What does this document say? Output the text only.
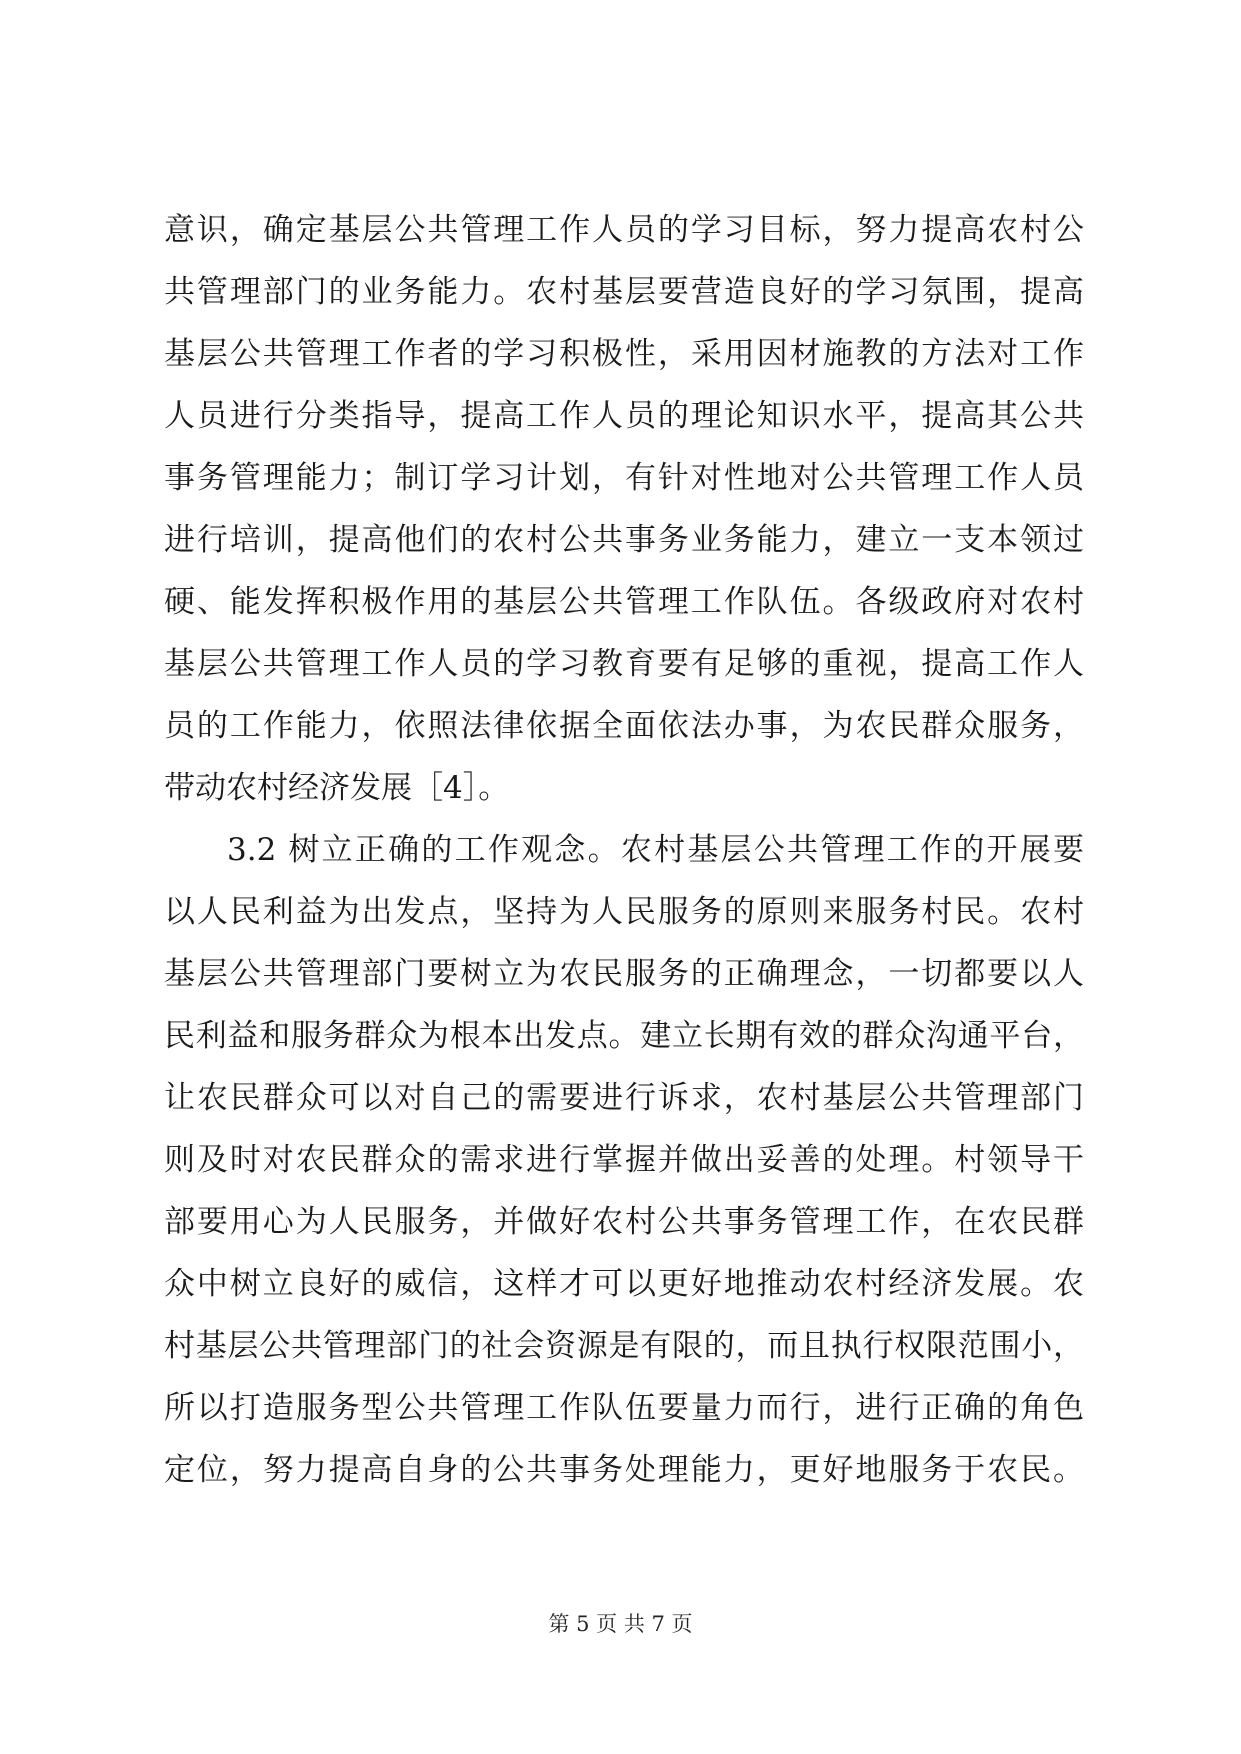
意识，确定基层公共管理工作人员的学习目标，努力提高农村公
共管理部门的业务能力。农村基层要营造良好的学习氛围，提高
基层公共管理工作者的学习积极性，采用因材施教的方法对工作
人员进行分类指导，提高工作人员的理论知识水平，提高其公共
事务管理能力；制订学习计划，有针对性地对公共管理工作人员
进行培训，提高他们的农村公共事务业务能力，建立一支本领过
硬、能发挥积极作用的基层公共管理工作队伍。各级政府对农村
基层公共管理工作人员的学习教育要有足够的重视，提高工作人
员的工作能力，依照法律依据全面依法办事，为农民群众服务，
带动农村经济发展［4］。
3.2 树立正确的工作观念。农村基层公共管理工作的开展要
以人民利益为出发点，坚持为人民服务的原则来服务村民。农村
基层公共管理部门要树立为农民服务的正确理念，一切都要以人
民利益和服务群众为根本出发点。建立长期有效的群众沟通平台，
让农民群众可以对自己的需要进行诉求，农村基层公共管理部门
则及时对农民群众的需求进行掌握并做出妥善的处理。村领导干
部要用心为人民服务，并做好农村公共事务管理工作，在农民群
众中树立良好的威信，这样才可以更好地推动农村经济发展。农
村基层公共管理部门的社会资源是有限的，而且执行权限范围小，
所以打造服务型公共管理工作队伍要量力而行，进行正确的角色
定位，努力提高自身的公共事务处理能力，更好地服务于农民。
第 5 页 共 7 页
